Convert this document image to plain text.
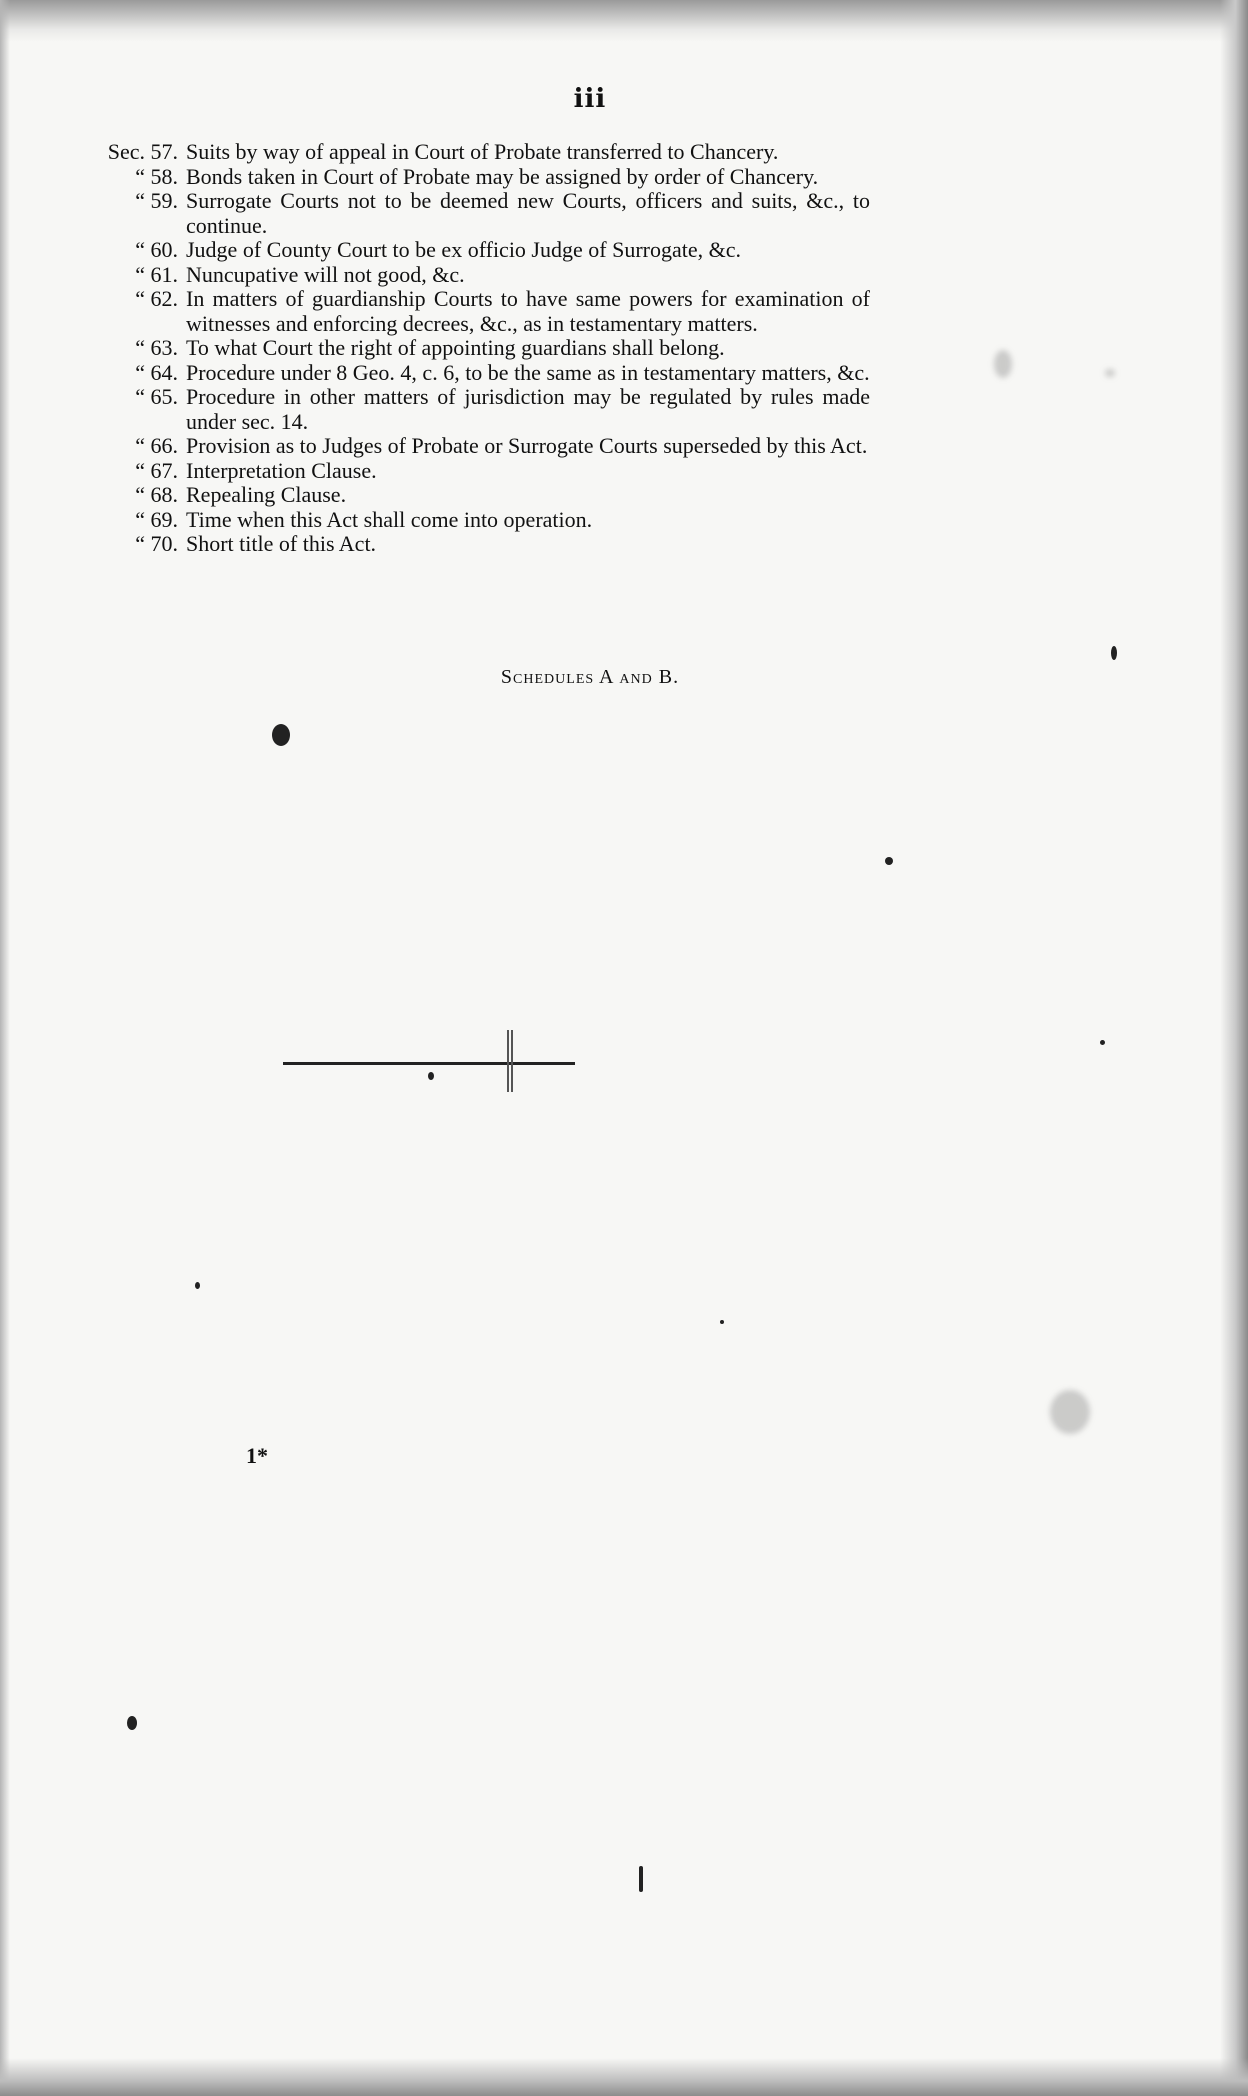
iii
Sec. 57. Suits by way of appeal in Court of Probate transferred to Chancery.
“ 58. Bonds taken in Court of Probate may be assigned by order of Chancery.
“ 59. Surrogate Courts not to be deemed new Courts, officers and suits, &c., to continue.
“ 60. Judge of County Court to be ex officio Judge of Surrogate, &c.
“ 61. Nuncupative will not good, &c.
“ 62. In matters of guardianship Courts to have same powers for examination of witnesses and enforcing decrees, &c., as in testamentary matters.
“ 63. To what Court the right of appointing guardians shall belong.
“ 64. Procedure under 8 Geo. 4, c. 6, to be the same as in testamentary matters, &c.
“ 65. Procedure in other matters of jurisdiction may be regulated by rules made under sec. 14.
“ 66. Provision as to Judges of Probate or Surrogate Courts superseded by this Act.
“ 67. Interpretation Clause.
“ 68. Repealing Clause.
“ 69. Time when this Act shall come into operation.
“ 70. Short title of this Act.
Schedules A and B.
1*
